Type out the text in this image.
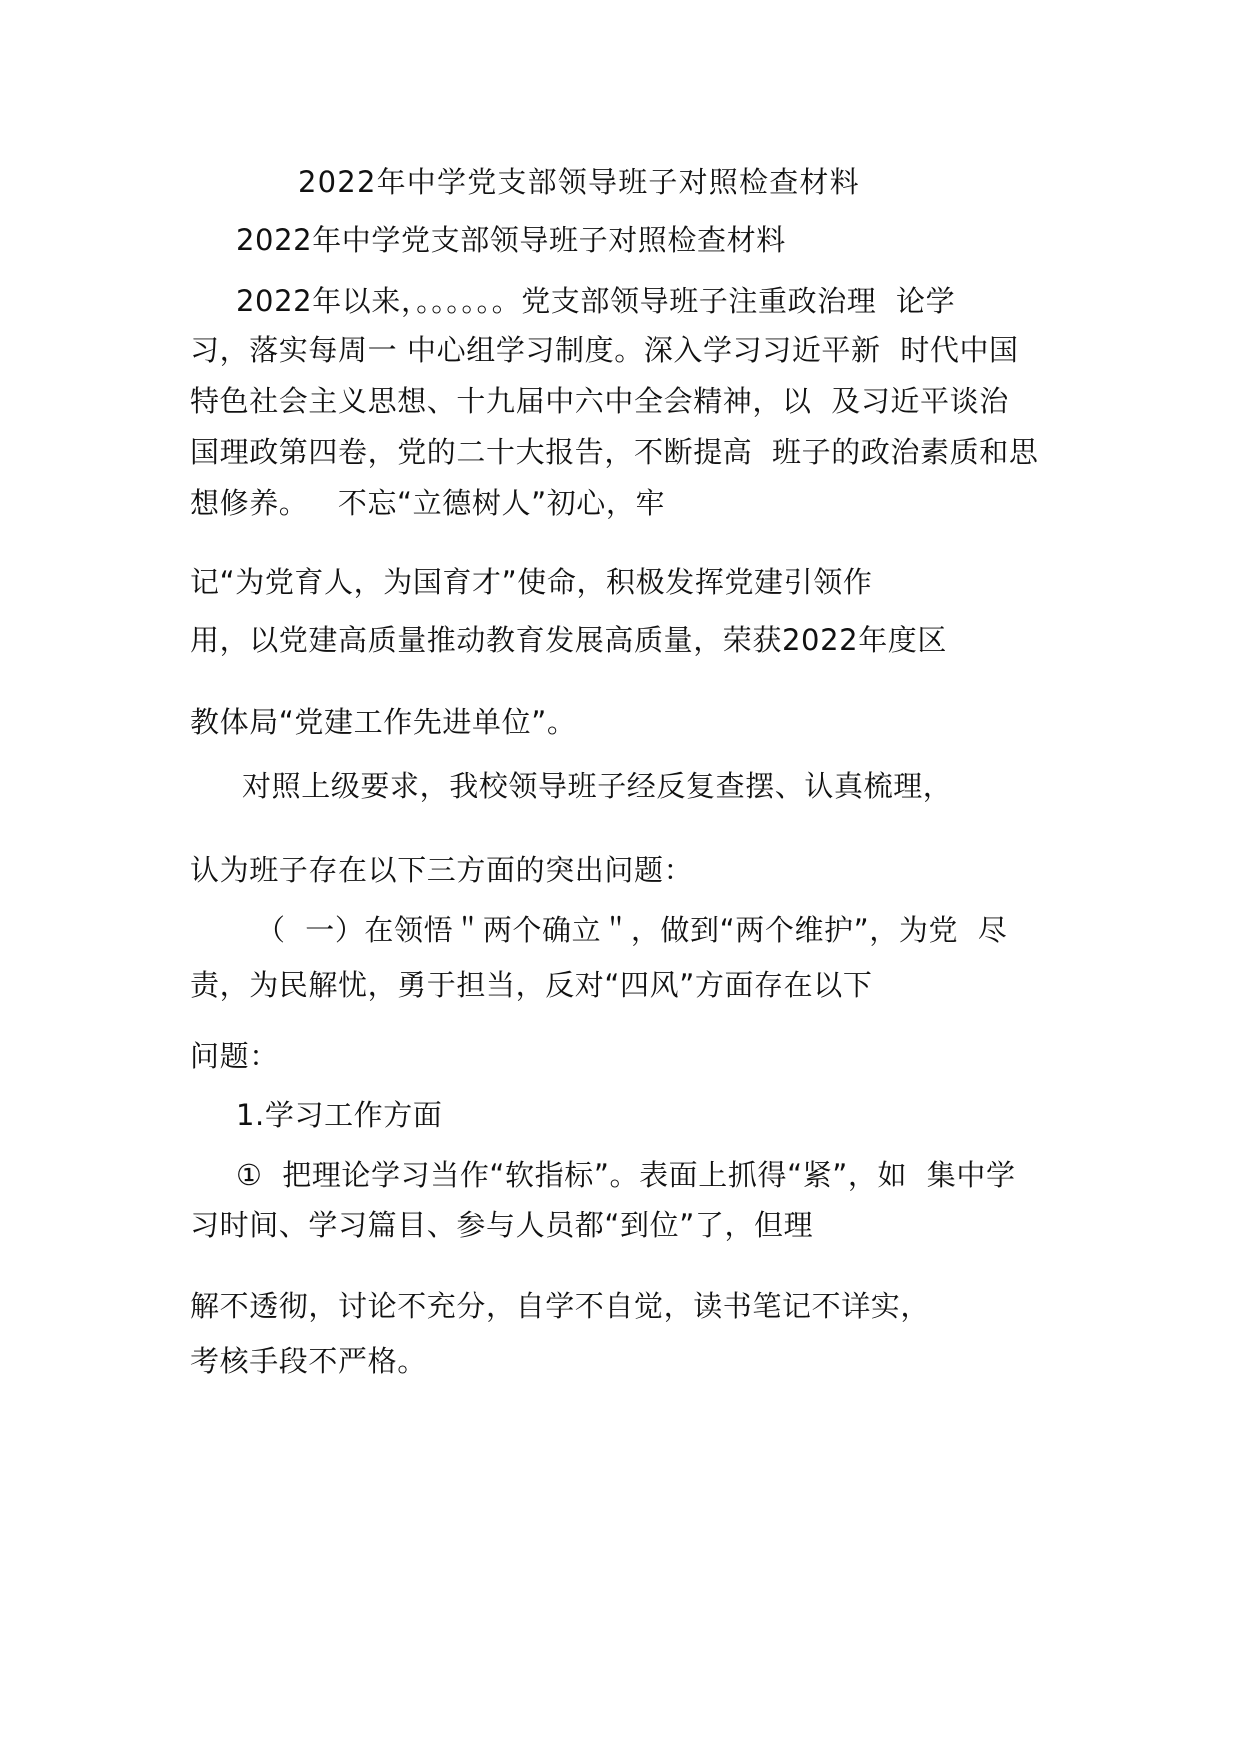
2022年中学党支部领导班子对照检查材料
2022年中学党支部领导班子对照检查材料
2022年以来，。。。。。。党支部领导班子注重政治理  论学
习，落实每周一 中心组学习制度。深入学习习近平新  时代中国
特色社会主义思想、十九届中六中全会精神，以  及习近平谈治
国理政第四卷，党的二十大报告，不断提高  班子的政治素质和思
想修养。   不忘“立德树人”初心，牢
记“为党育人，为国育才”使命，积极发挥党建引领作
用，以党建高质量推动教育发展高质量，荣获2022年度区
教体局“党建工作先进单位”。
对照上级要求，我校领导班子经反复查摆、认真梳理，
认为班子存在以下三方面的突出问题：
（  一）在领悟＂两个确立＂，做到“两个维护”，为党  尽
责，为民解忧，勇于担当，反对“四风”方面存在以下
问题：
1.学习工作方面
①  把理论学习当作“软指标”。表面上抓得“紧”，如  集中学
习时间、学习篇目、参与人员都“到位”了，但理
解不透彻，讨论不充分，自学不自觉，读书笔记不详实，
考核手段不严格。
